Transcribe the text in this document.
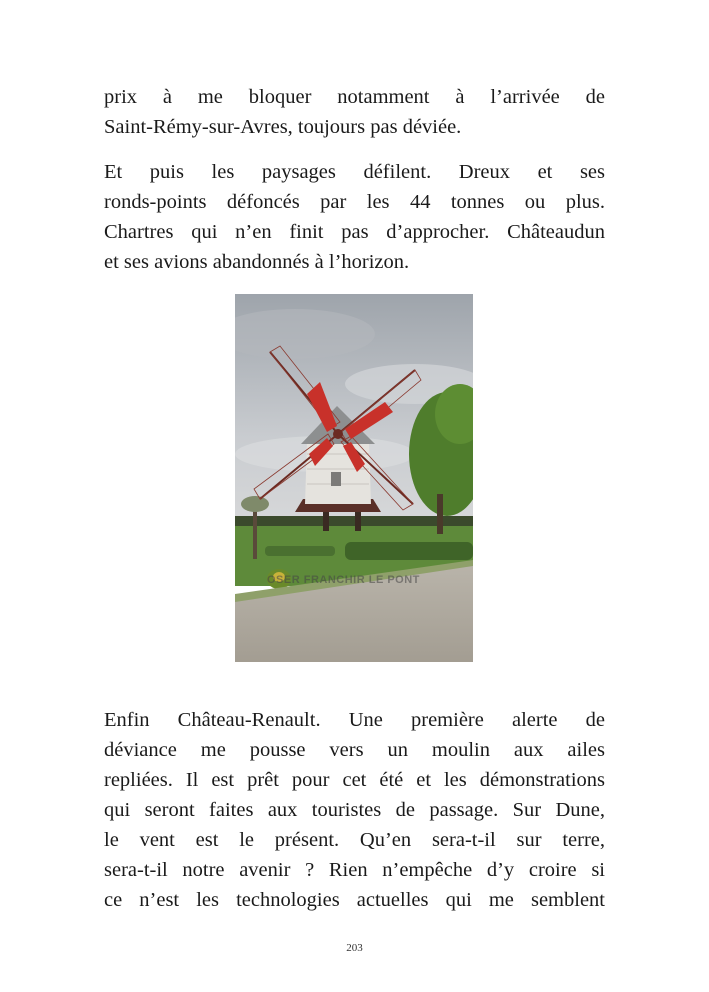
prix à me bloquer notamment à l’arrivée de
Saint-Rémy-sur-Avres, toujours pas déviée.
Et puis les paysages défilent. Dreux et ses
ronds-points défoncés par les 44 tonnes ou plus.
Chartres qui n’en finit pas d’approcher. Châteaudun
et ses avions abandonnés à l’horizon.
OSER FRANCHIR LE PONT
Enfin Château-Renault. Une première alerte de
déviance me pousse vers un moulin aux ailes
repliées. Il est prêt pour cet été et les démonstrations
qui seront faites aux touristes de passage. Sur Dune,
le vent est le présent. Qu’en sera-t-il sur terre,
sera-t-il notre avenir ? Rien n’empêche d’y croire si
ce n’est les technologies actuelles qui me semblent
203
